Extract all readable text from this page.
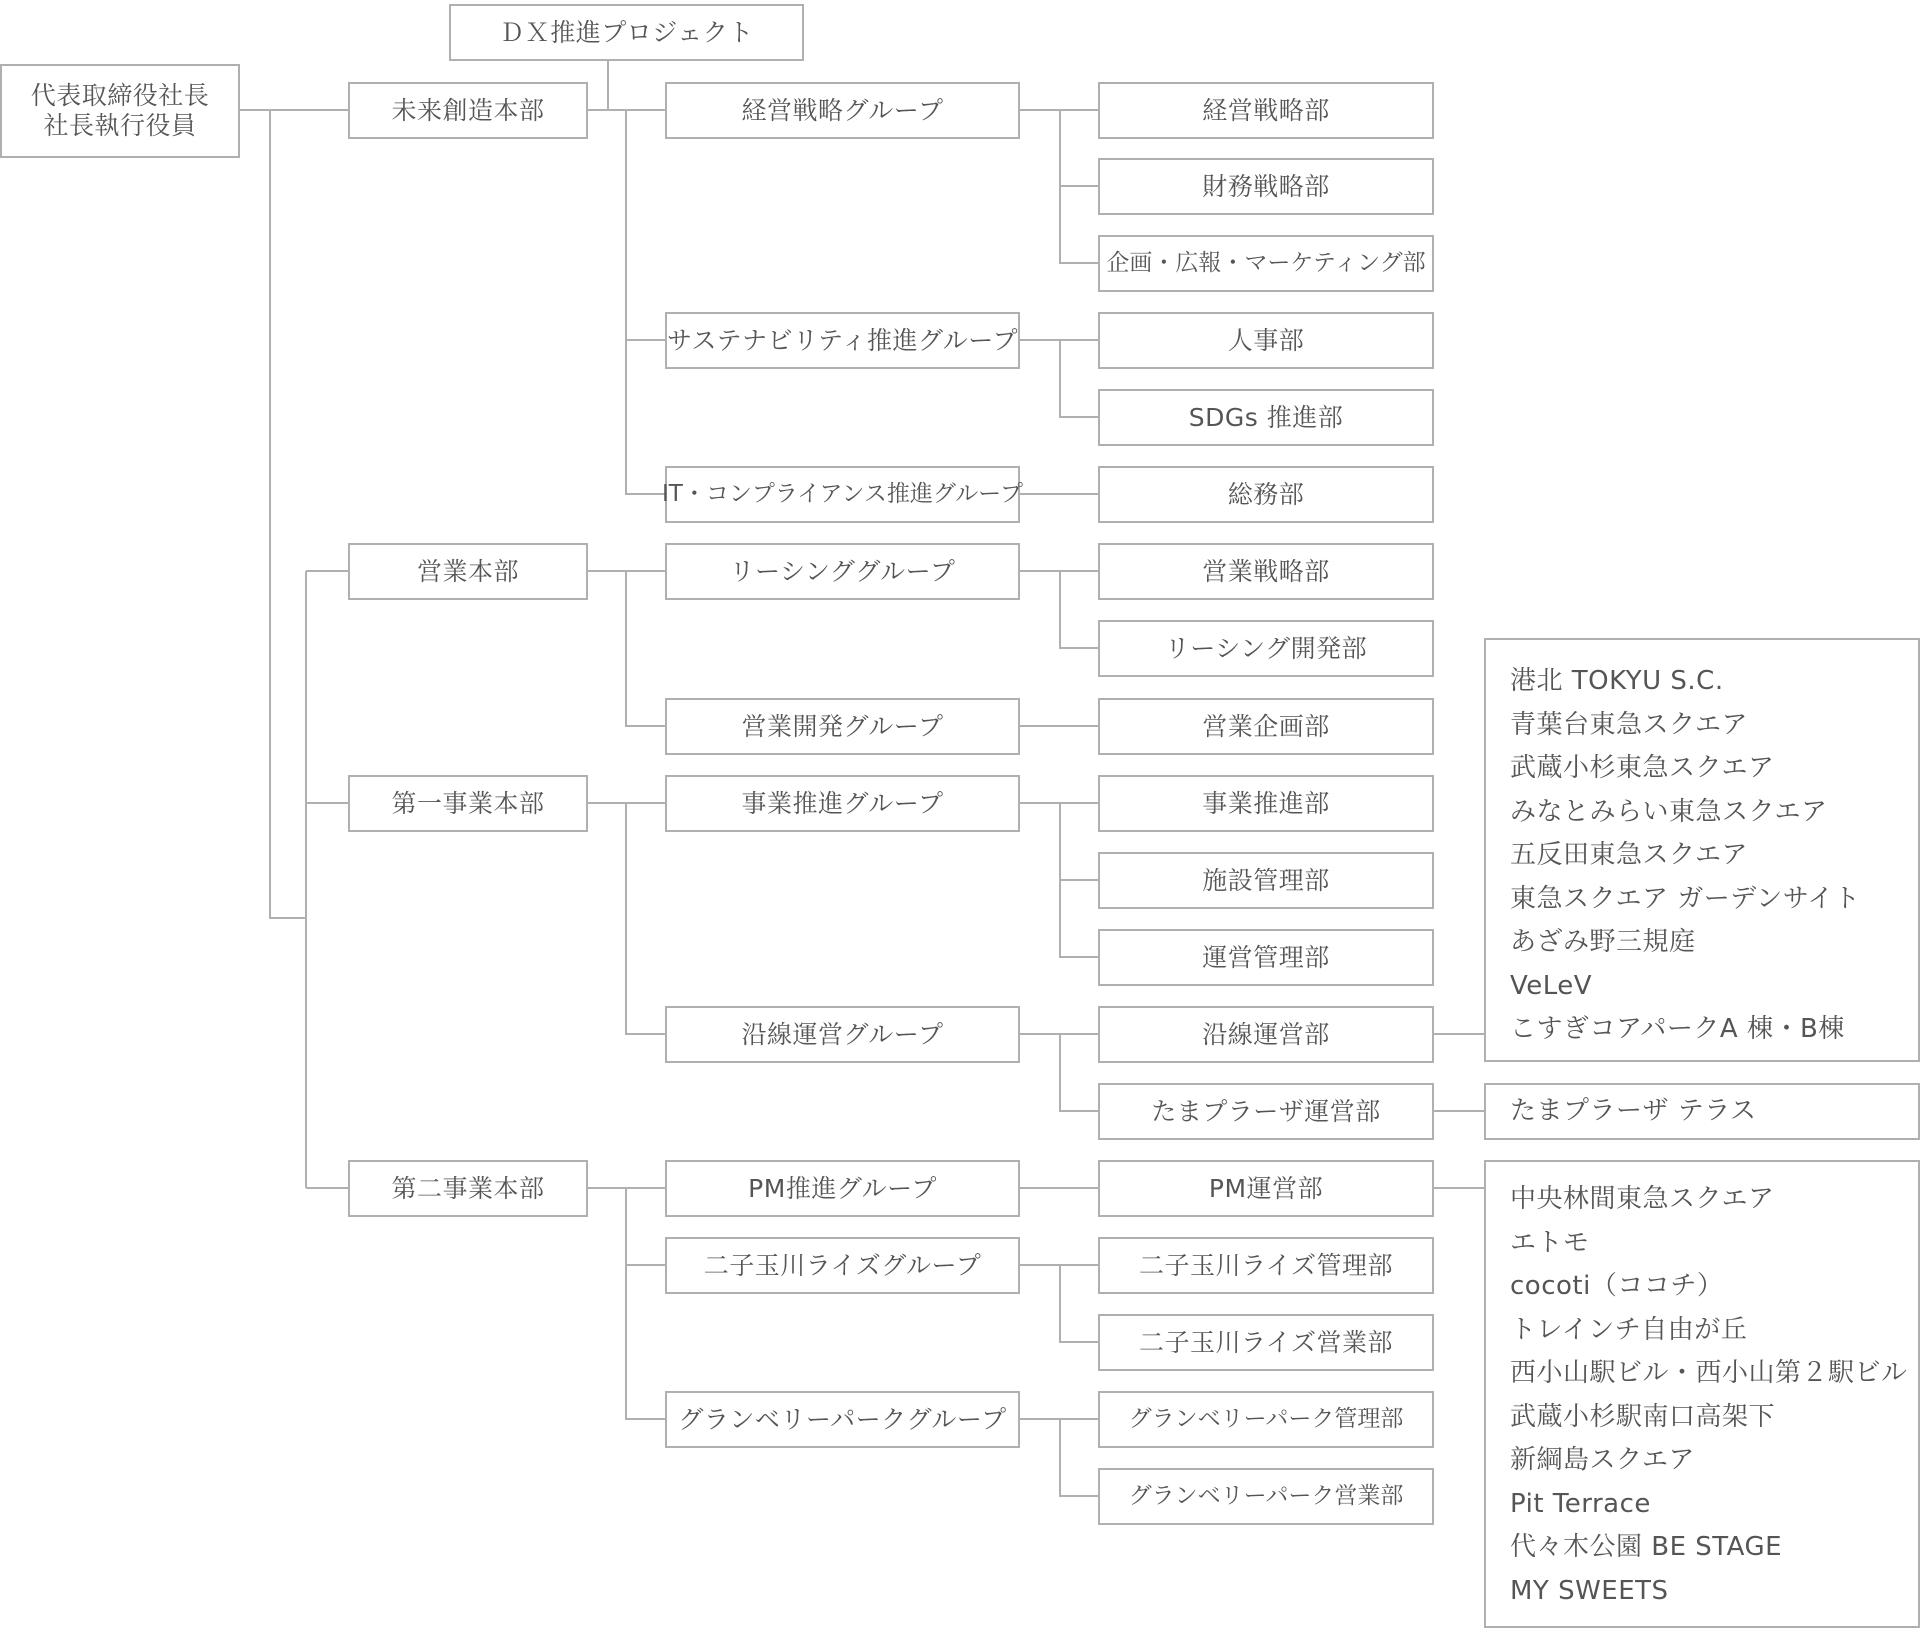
ＤＸ推進プロジェクト
代表取締役社長
社長執行役員
未来創造本部
営業本部
第一事業本部
第二事業本部
経営戦略グループ
サステナビリティ推進グループ
IT・コンプライアンス推進グループ
リーシンググループ
営業開発グループ
事業推進グループ
沿線運営グループ
PM推進グループ
二子玉川ライズグループ
グランベリーパークグループ
経営戦略部
財務戦略部
企画・広報・マーケティング部
人事部
SDGs 推進部
総務部
営業戦略部
リーシング開発部
営業企画部
事業推進部
施設管理部
運営管理部
沿線運営部
たまプラーザ運営部
PM運営部
二子玉川ライズ管理部
二子玉川ライズ営業部
グランベリーパーク管理部
グランベリーパーク営業部
港北 TOKYU S.C.
青葉台東急スクエア
武蔵小杉東急スクエア
みなとみらい東急スクエア
五反田東急スクエア
東急スクエア ガーデンサイト
あざみ野三規庭
VeLeV
こすぎコアパークA 棟・B棟
たまプラーザ テラス
中央林間東急スクエア
エトモ
cocoti（ココチ）
トレインチ自由が丘
西小山駅ビル・西小山第２駅ビル
武蔵小杉駅南口高架下
新綱島スクエア
Pit Terrace
代々木公園 BE STAGE
MY SWEETS
